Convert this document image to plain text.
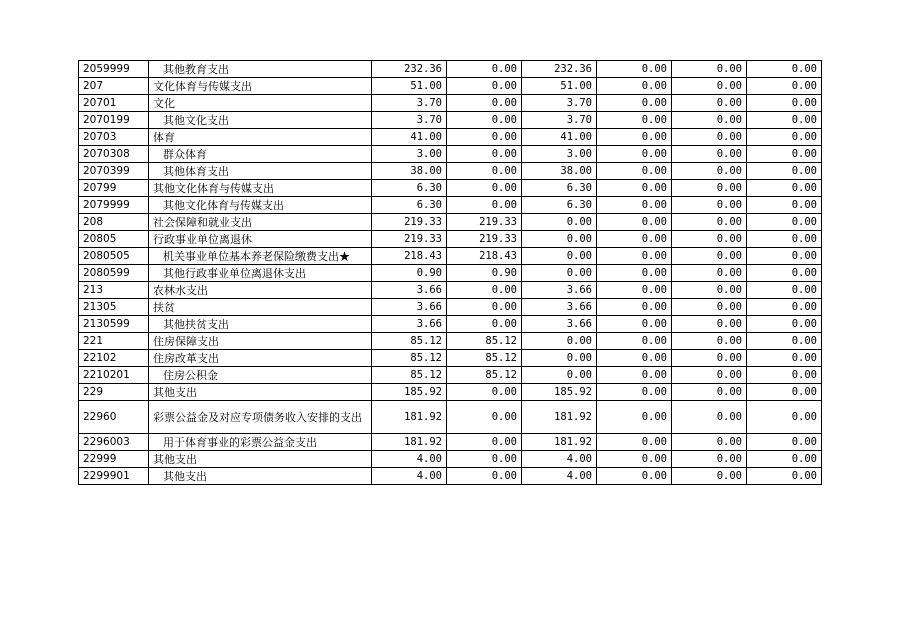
2059999	其他教育支出	232.36	0.00	232.36	0.00	0.00	0.00
207	文化体育与传媒支出	51.00	0.00	51.00	0.00	0.00	0.00
20701	文化	3.70	0.00	3.70	0.00	0.00	0.00
2070199	其他文化支出	3.70	0.00	3.70	0.00	0.00	0.00
20703	体育	41.00	0.00	41.00	0.00	0.00	0.00
2070308	群众体育	3.00	0.00	3.00	0.00	0.00	0.00
2070399	其他体育支出	38.00	0.00	38.00	0.00	0.00	0.00
20799	其他文化体育与传媒支出	6.30	0.00	6.30	0.00	0.00	0.00
2079999	其他文化体育与传媒支出	6.30	0.00	6.30	0.00	0.00	0.00
208	社会保障和就业支出	219.33	219.33	0.00	0.00	0.00	0.00
20805	行政事业单位离退休	219.33	219.33	0.00	0.00	0.00	0.00
2080505	机关事业单位基本养老保险缴费支出★	218.43	218.43	0.00	0.00	0.00	0.00
2080599	其他行政事业单位离退休支出	0.90	0.90	0.00	0.00	0.00	0.00
213	农林水支出	3.66	0.00	3.66	0.00	0.00	0.00
21305	扶贫	3.66	0.00	3.66	0.00	0.00	0.00
2130599	其他扶贫支出	3.66	0.00	3.66	0.00	0.00	0.00
221	住房保障支出	85.12	85.12	0.00	0.00	0.00	0.00
22102	住房改革支出	85.12	85.12	0.00	0.00	0.00	0.00
2210201	住房公积金	85.12	85.12	0.00	0.00	0.00	0.00
229	其他支出	185.92	0.00	185.92	0.00	0.00	0.00
22960	彩票公益金及对应专项债务收入安排的支出	181.92	0.00	181.92	0.00	0.00	0.00
2296003	用于体育事业的彩票公益金支出	181.92	0.00	181.92	0.00	0.00	0.00
22999	其他支出	4.00	0.00	4.00	0.00	0.00	0.00
2299901	其他支出	4.00	0.00	4.00	0.00	0.00	0.00
